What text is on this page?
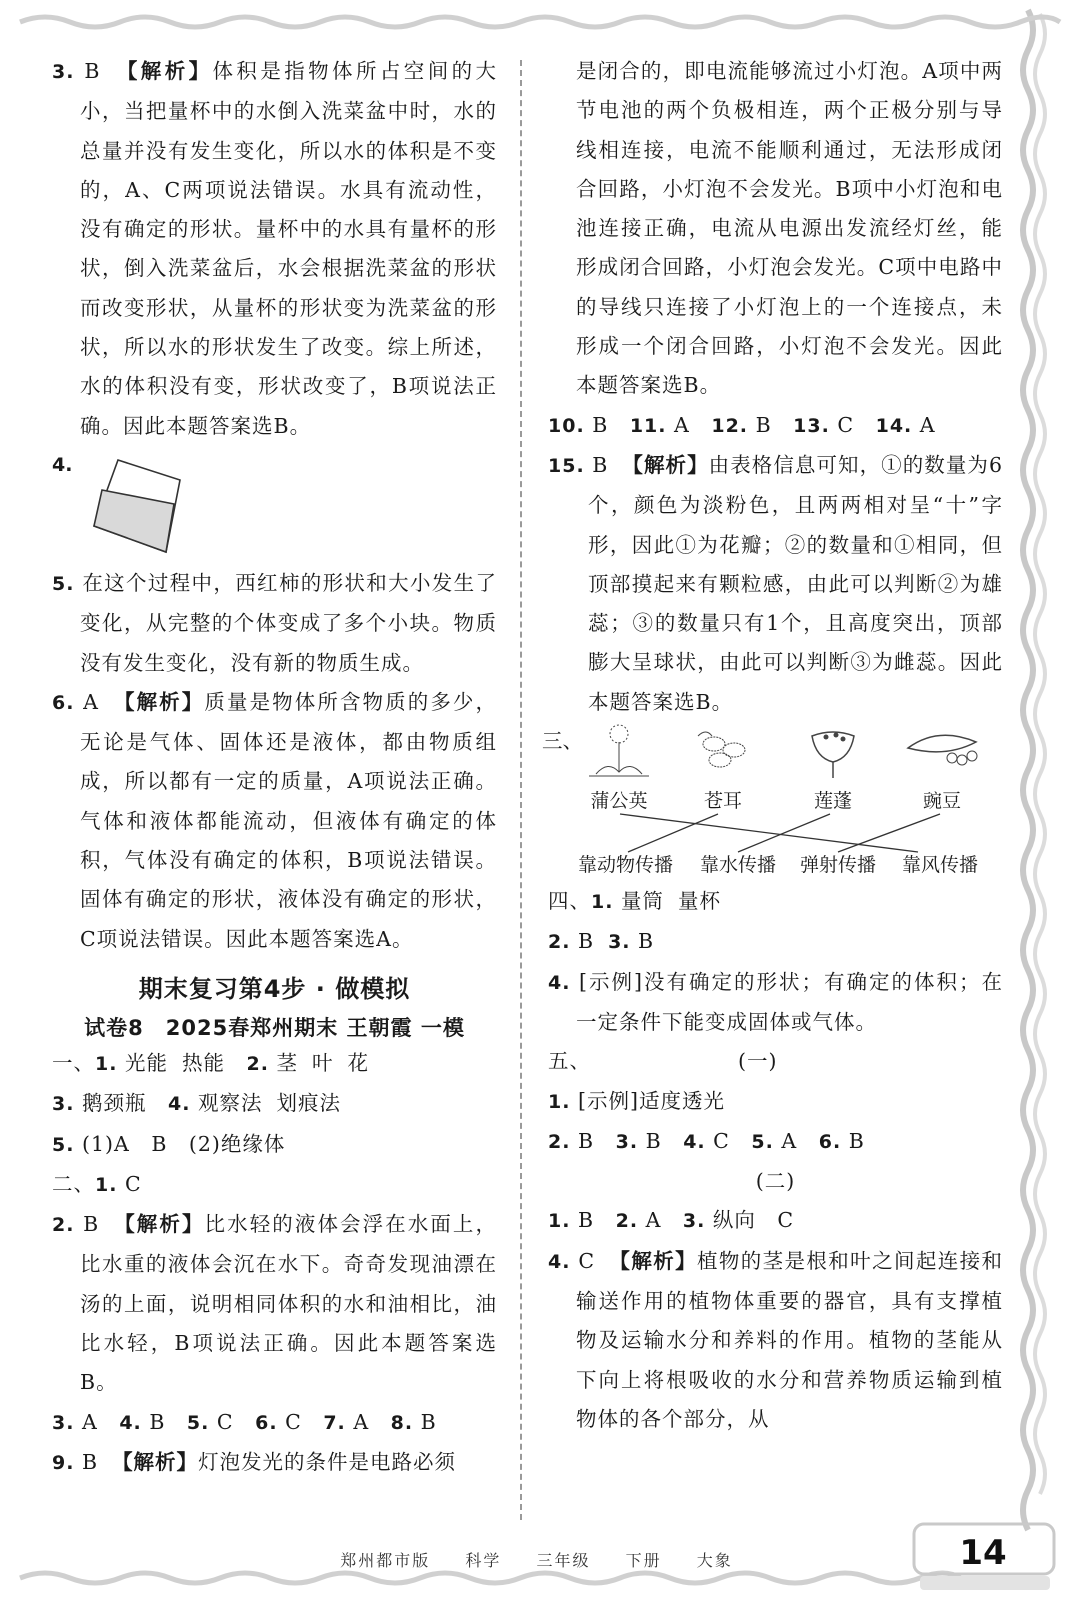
3. B 【解析】体积是指物体所占空间的大小，当把量杯中的水倒入洗菜盆中时，水的总量并没有发生变化，所以水的体积是不变的，A、C两项说法错误。水具有流动性，没有确定的形状。量杯中的水具有量杯的形状，倒入洗菜盆后，水会根据洗菜盆的形状而改变形状，从量杯的形状变为洗菜盆的形状，所以水的形状发生了改变。综上所述，水的体积没有变，形状改变了，B项说法正确。因此本题答案选B。

4.

5. 在这个过程中，西红柿的形状和大小发生了变化，从完整的个体变成了多个小块。物质没有发生变化，没有新的物质生成。

6. A 【解析】质量是物体所含物质的多少，无论是气体、固体还是液体，都由物质组成，所以都有一定的质量，A项说法正确。气体和液体都能流动，但液体有确定的体积，气体没有确定的体积，B项说法错误。固体有确定的形状，液体没有确定的形状，C项说法错误。因此本题答案选A。

期末复习第4步 · 做模拟
试卷8　2025春郑州期末 王朝霞 一模

一、1. 光能 热能 2. 茎 叶 花

3. 鹅颈瓶 4. 观察法 划痕法

5. (1)A　B　(2)绝缘体

二、1. C

2. B 【解析】比水轻的液体会浮在水面上，比水重的液体会沉在水下。奇奇发现油漂在汤的上面，说明相同体积的水和油相比，油比水轻，B项说法正确。因此本题答案选B。

3. A 4. B 5. C 6. C 7. A 8. B

9. B 【解析】灯泡发光的条件是电路必须

是闭合的，即电流能够流过小灯泡。A项中两节电池的两个负极相连，两个正极分别与导线相连接，电流不能顺利通过，无法形成闭合回路，小灯泡不会发光。B项中小灯泡和电池连接正确，电流从电源出发流经灯丝，能形成闭合回路，小灯泡会发光。C项中电路中的导线只连接了小灯泡上的一个连接点，未形成一个闭合回路，小灯泡不会发光。因此本题答案选B。

10. B 11. A 12. B 13. C 14. A

15. B 【解析】由表格信息可知，①的数量为6个，颜色为淡粉色，且两两相对呈“十”字形，因此①为花瓣；②的数量和①相同，但顶部摸起来有颗粒感，由此可以判断②为雄蕊；③的数量只有1个，且高度突出，顶部膨大呈球状，由此可以判断③为雌蕊。因此本题答案选B。

三、
蒲公英	苍耳	莲蓬	豌豆
靠动物传播 靠水传播 弹射传播 靠风传播

四、1. 量筒 量杯

2. B 3. B

4. [示例]没有确定的形状；有确定的体积；在一定条件下能变成固体或气体。

五、	(一)

1. [示例]适度透光

2. B 3. B 4. C 5. A 6. B

(二)

1. B 2. A 3. 纵向　C

4. C 【解析】植物的茎是根和叶之间起连接和输送作用的植物体重要的器官，具有支撑植物及运输水分和养料的作用。植物的茎能从下向上将根吸收的水分和营养物质运输到植物体的各个部分，从

郑州都市版 科学 三年级 下册 大象	14
